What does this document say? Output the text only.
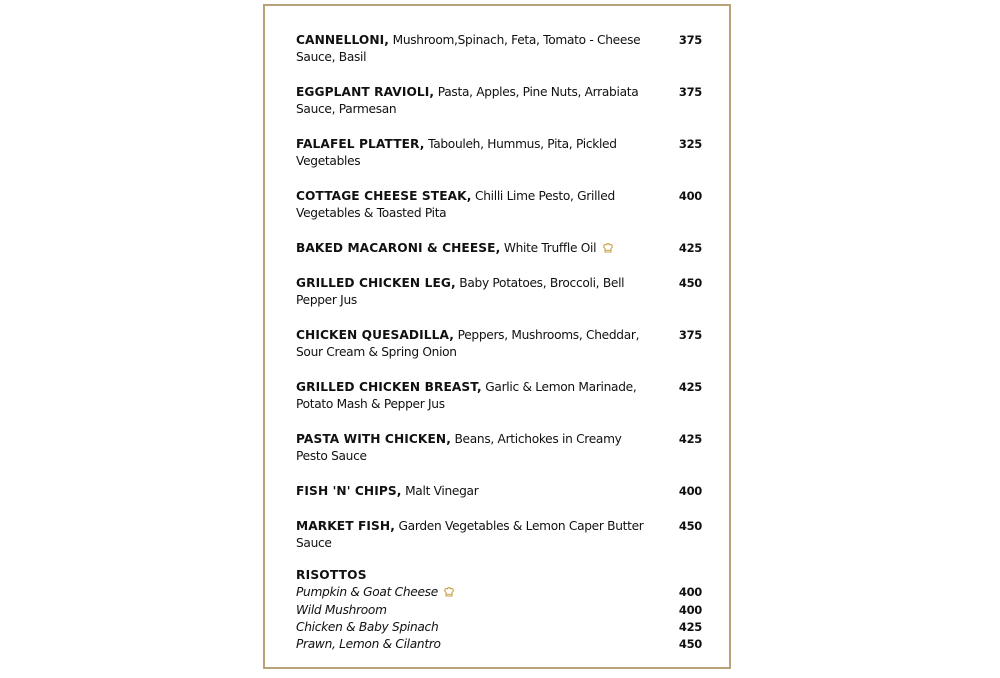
CANNELLONI, Mushroom,Spinach, Feta, Tomato - Cheese Sauce, Basil
375
EGGPLANT RAVIOLI, Pasta, Apples, Pine Nuts, Arrabiata Sauce, Parmesan
375
FALAFEL PLATTER, Tabouleh, Hummus, Pita, Pickled Vegetables
325
COTTAGE CHEESE STEAK, Chilli Lime Pesto, Grilled Vegetables & Toasted Pita
400
BAKED MACARONI & CHEESE, White Truffle Oil	425
GRILLED CHICKEN LEG, Baby Potatoes, Broccoli, Bell Pepper Jus
450
CHICKEN QUESADILLA, Peppers, Mushrooms, Cheddar, Sour Cream & Spring Onion
375
GRILLED CHICKEN BREAST, Garlic & Lemon Marinade, Potato Mash & Pepper Jus
425
PASTA WITH CHICKEN, Beans, Artichokes in Creamy Pesto Sauce
425
FISH 'N' CHIPS, Malt Vinegar	400
MARKET FISH, Garden Vegetables & Lemon Caper Butter Sauce
450
RISOTTOS
Pumpkin & Goat Cheese	400
Wild Mushroom	400
Chicken & Baby Spinach	425
Prawn, Lemon & Cilantro	450
